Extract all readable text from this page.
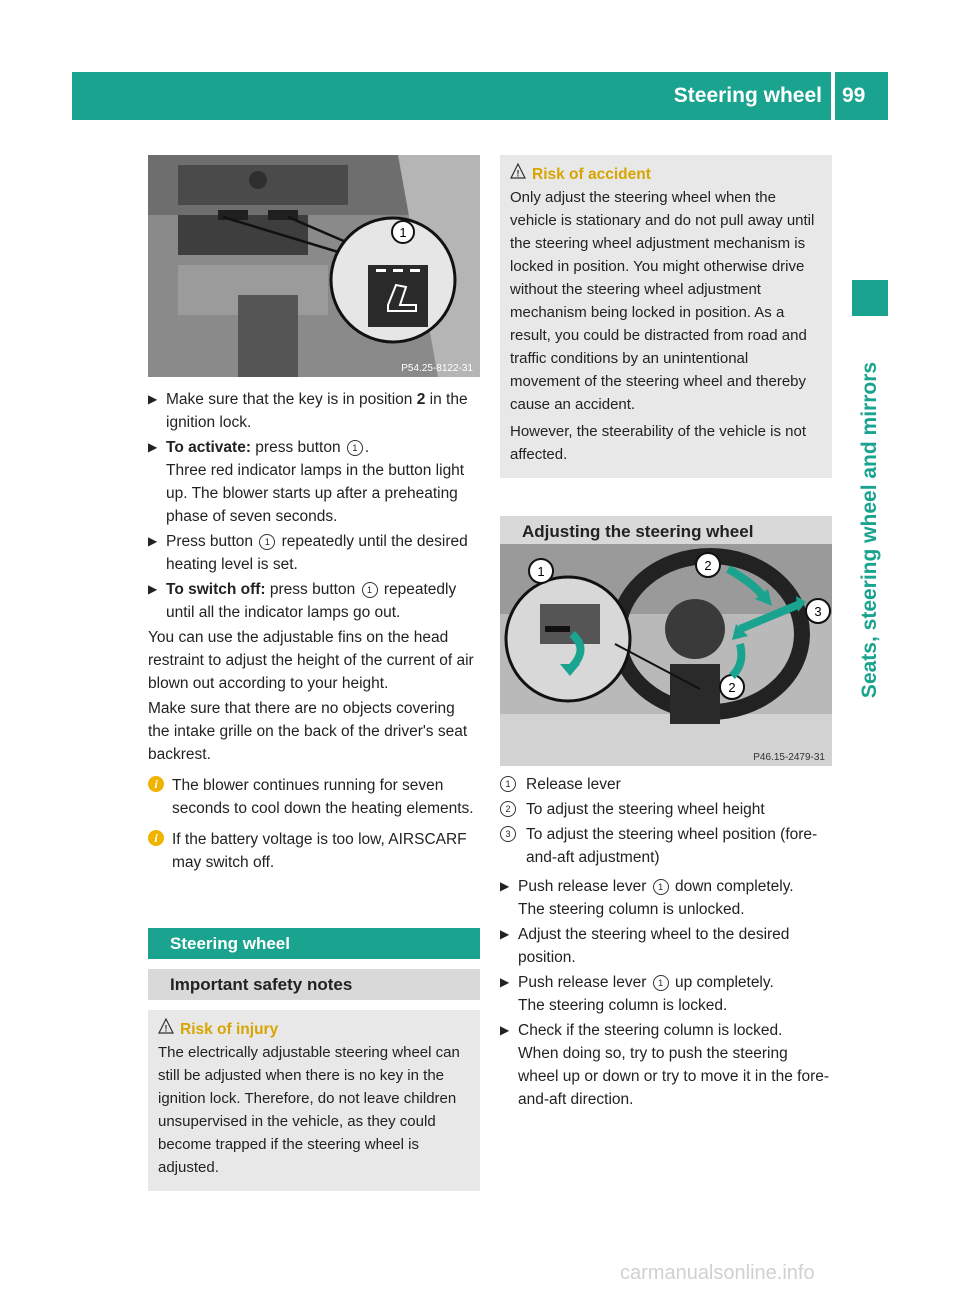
Steering wheel 99
Seats, steering wheel and mirrors
1
P54.25-8122-31
▶ Make sure that the key is in position 2 in the ignition lock.
▶ To activate: press button 1 .
Three red indicator lamps in the button light up. The blower starts up after a preheating phase of seven seconds.
▶ Press button 1 repeatedly until the desired heating level is set.
▶ To switch off: press button 1 repeatedly until all the indicator lamps go out.

You can use the adjustable fins on the head restraint to adjust the height of the current of air blown out according to your height.

Make sure that there are no objects covering the intake grille on the back of the driver's seat backrest.

i The blower continues running for seven seconds to cool down the heating elements.
i If the battery voltage is too low, AIRSCARF may switch off.
Steering wheel
Important safety notes
! Risk of injury
The electrically adjustable steering wheel can still be adjusted when there is no key in the ignition lock. Therefore, do not leave children unsupervised in the vehicle, as they could become trapped if the steering wheel is adjusted.
! Risk of accident
Only adjust the steering wheel when the vehicle is stationary and do not pull away until the steering wheel adjustment mechanism is locked in position. You might otherwise drive without the steering wheel adjustment mechanism being locked in position. As a result, you could be distracted from road and traffic conditions by an unintentional movement of the steering wheel and thereby cause an accident.
However, the steerability of the vehicle is not affected.
Adjusting the steering wheel
1	2
3
2
P46.15-2479-31
1	Release lever
2	To adjust the steering wheel height
3	To adjust the steering wheel position (fore-and-aft adjustment)
▶ Push release lever 1 down completely.
The steering column is unlocked.
▶ Adjust the steering wheel to the desired position.
▶ Push release lever 1 up completely.
The steering column is locked.
▶ Check if the steering column is locked.
When doing so, try to push the steering wheel up or down or try to move it in the fore-and-aft direction.
carmanualsonline.info
